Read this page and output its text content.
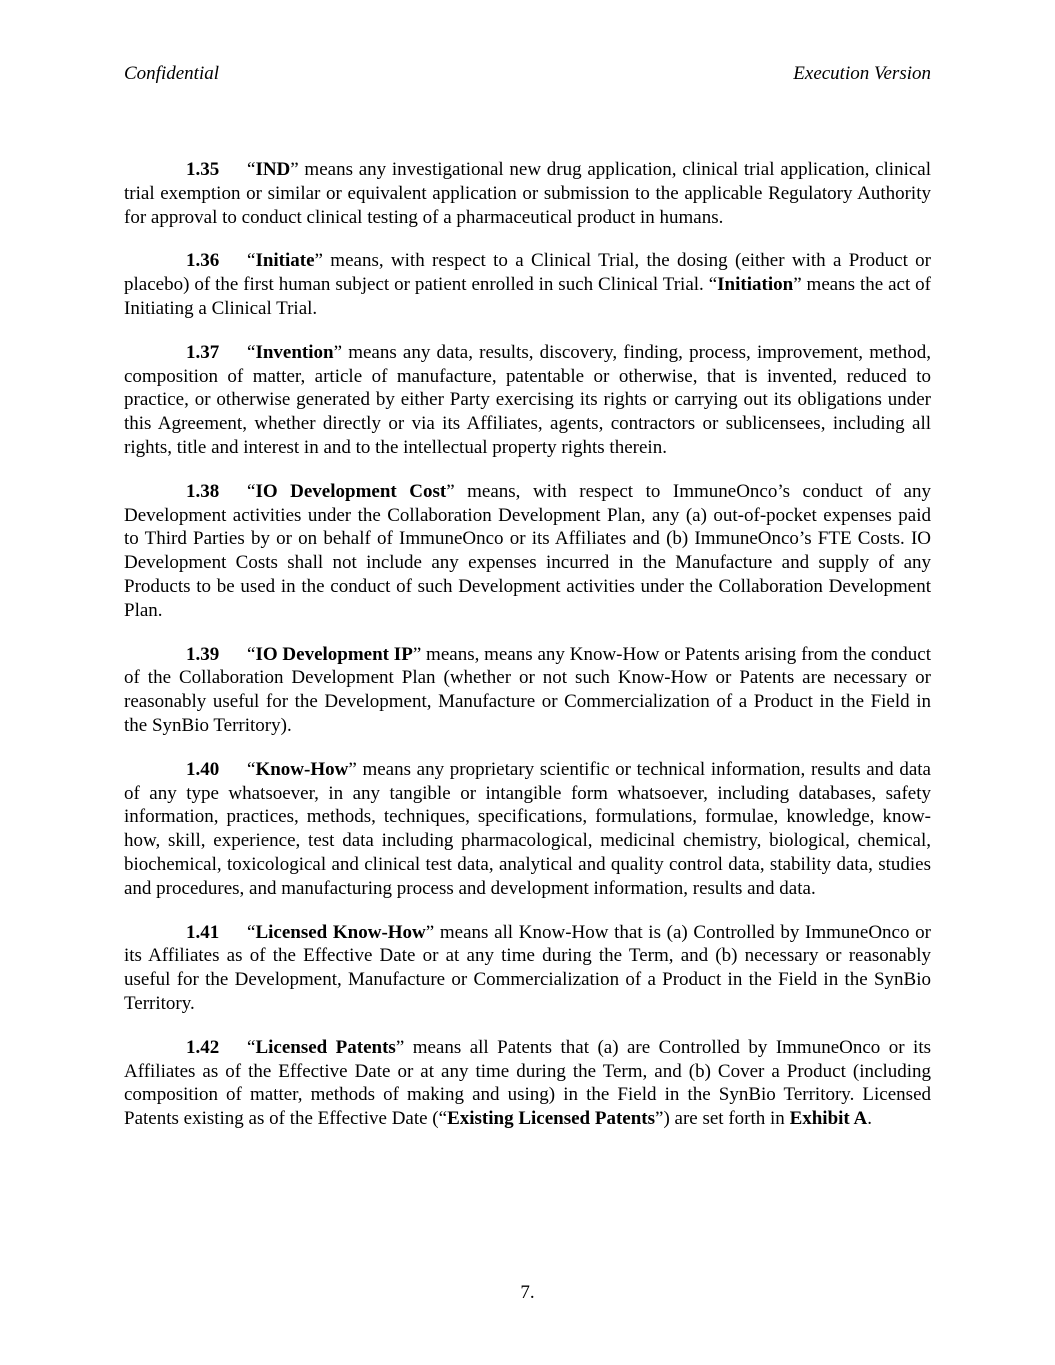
Confidential	Execution Version

1.35 “IND” means any investigational new drug application, clinical trial application, clinical trial exemption or similar or equivalent application or submission to the applicable Regulatory Authority for approval to conduct clinical testing of a pharmaceutical product in humans.

1.36 “Initiate” means, with respect to a Clinical Trial, the dosing (either with a Product or placebo) of the first human subject or patient enrolled in such Clinical Trial. “Initiation” means the act of Initiating a Clinical Trial.

1.37 “Invention” means any data, results, discovery, finding, process, improvement, method, composition of matter, article of manufacture, patentable or otherwise, that is invented, reduced to practice, or otherwise generated by either Party exercising its rights or carrying out its obligations under this Agreement, whether directly or via its Affiliates, agents, contractors or sublicensees, including all rights, title and interest in and to the intellectual property rights therein.

1.38 “IO Development Cost” means, with respect to ImmuneOnco’s conduct of any Development activities under the Collaboration Development Plan, any (a) out-of-pocket expenses paid to Third Parties by or on behalf of ImmuneOnco or its Affiliates and (b) ImmuneOnco’s FTE Costs. IO Development Costs shall not include any expenses incurred in the Manufacture and supply of any Products to be used in the conduct of such Development activities under the Collaboration Development Plan.

1.39 “IO Development IP” means, means any Know-How or Patents arising from the conduct of the Collaboration Development Plan (whether or not such Know-How or Patents are necessary or reasonably useful for the Development, Manufacture or Commercialization of a Product in the Field in the SynBio Territory).

1.40 “Know-How” means any proprietary scientific or technical information, results and data of any type whatsoever, in any tangible or intangible form whatsoever, including databases, safety information, practices, methods, techniques, specifications, formulations, formulae, knowledge, know-how, skill, experience, test data including pharmacological, medicinal chemistry, biological, chemical, biochemical, toxicological and clinical test data, analytical and quality control data, stability data, studies and procedures, and manufacturing process and development information, results and data.

1.41 “Licensed Know-How” means all Know-How that is (a) Controlled by ImmuneOnco or its Affiliates as of the Effective Date or at any time during the Term, and (b) necessary or reasonably useful for the Development, Manufacture or Commercialization of a Product in the Field in the SynBio Territory.

1.42 “Licensed Patents” means all Patents that (a) are Controlled by ImmuneOnco or its Affiliates as of the Effective Date or at any time during the Term, and (b) Cover a Product (including composition of matter, methods of making and using) in the Field in the SynBio Territory. Licensed Patents existing as of the Effective Date (“Existing Licensed Patents”) are set forth in Exhibit A.

7.
